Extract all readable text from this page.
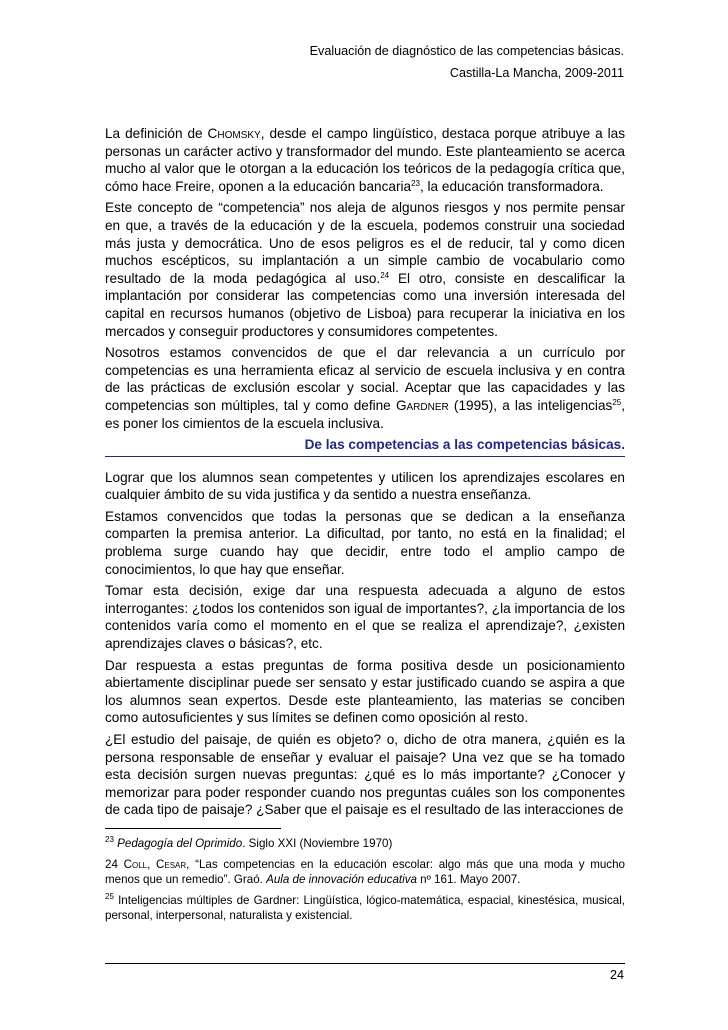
Evaluación de diagnóstico de las competencias básicas.
Castilla-La Mancha, 2009-2011

La definición de Chomsky, desde el campo lingüístico, destaca porque atribuye a las personas un carácter activo y transformador del mundo. Este planteamiento se acerca mucho al valor que le otorgan a la educación los teóricos de la pedagogía crítica que, cómo hace Freire, oponen a la educación bancaria$^{23}$, la educación transformadora.

Este concepto de “competencia” nos aleja de algunos riesgos y nos permite pensar en que, a través de la educación y de la escuela, podemos construir una sociedad más justa y democrática. Uno de esos peligros es el de reducir, tal y como dicen muchos escépticos, su implantación a un simple cambio de vocabulario como resultado de la moda pedagógica al uso.$^{24}$ El otro, consiste en descalificar la implantación por considerar las competencias como una inversión interesada del capital en recursos humanos (objetivo de Lisboa) para recuperar la iniciativa en los mercados y conseguir productores y consumidores competentes.

Nosotros estamos convencidos de que el dar relevancia a un currículo por competencias es una herramienta eficaz al servicio de escuela inclusiva y en contra de las prácticas de exclusión escolar y social. Aceptar que las capacidades y las competencias son múltiples, tal y como define Gardner (1995), a las inteligencias$^{25}$, es poner los cimientos de la escuela inclusiva.

De las competencias a las competencias básicas.

Lograr que los alumnos sean competentes y utilicen los aprendizajes escolares en cualquier ámbito de su vida justifica y da sentido a nuestra enseñanza.

Estamos convencidos que todas la personas que se dedican a la enseñanza comparten la premisa anterior. La dificultad, por tanto, no está en la finalidad; el problema surge cuando hay que decidir, entre todo el amplio campo de conocimientos, lo que hay que enseñar.

Tomar esta decisión, exige dar una respuesta adecuada a alguno de estos interrogantes: ¿todos los contenidos son igual de importantes?, ¿la importancia de los contenidos varía como el momento en el que se realiza el aprendizaje?, ¿existen aprendizajes claves o básicas?, etc.

Dar respuesta a estas preguntas de forma positiva desde un posicionamiento abiertamente disciplinar puede ser sensato y estar justificado cuando se aspira a que los alumnos sean expertos. Desde este planteamiento, las materias se conciben como autosuficientes y sus límites se definen como oposición al resto.

¿El estudio del paisaje, de quién es objeto? o, dicho de otra manera, ¿quién es la persona responsable de enseñar y evaluar el paisaje? Una vez que se ha tomado esta decisión surgen nuevas preguntas: ¿qué es lo más importante? ¿Conocer y memorizar para poder responder cuando nos preguntas cuáles son los componentes de cada tipo de paisaje? ¿Saber que el paisaje es el resultado de las interacciones de

$^{23}$ Pedagogía del Oprimido. Siglo XXI (Noviembre 1970)

24 Coll, Cesar, “Las competencias en la educación escolar: algo más que una moda y mucho menos que un remedio”. Graó. Aula de innovación educativa nº 161. Mayo 2007.

$^{25}$ Inteligencias múltiples de Gardner: Lingüística, lógico-matemática, espacial, kinestésica, musical, personal, interpersonal, naturalista y existencial.

24
